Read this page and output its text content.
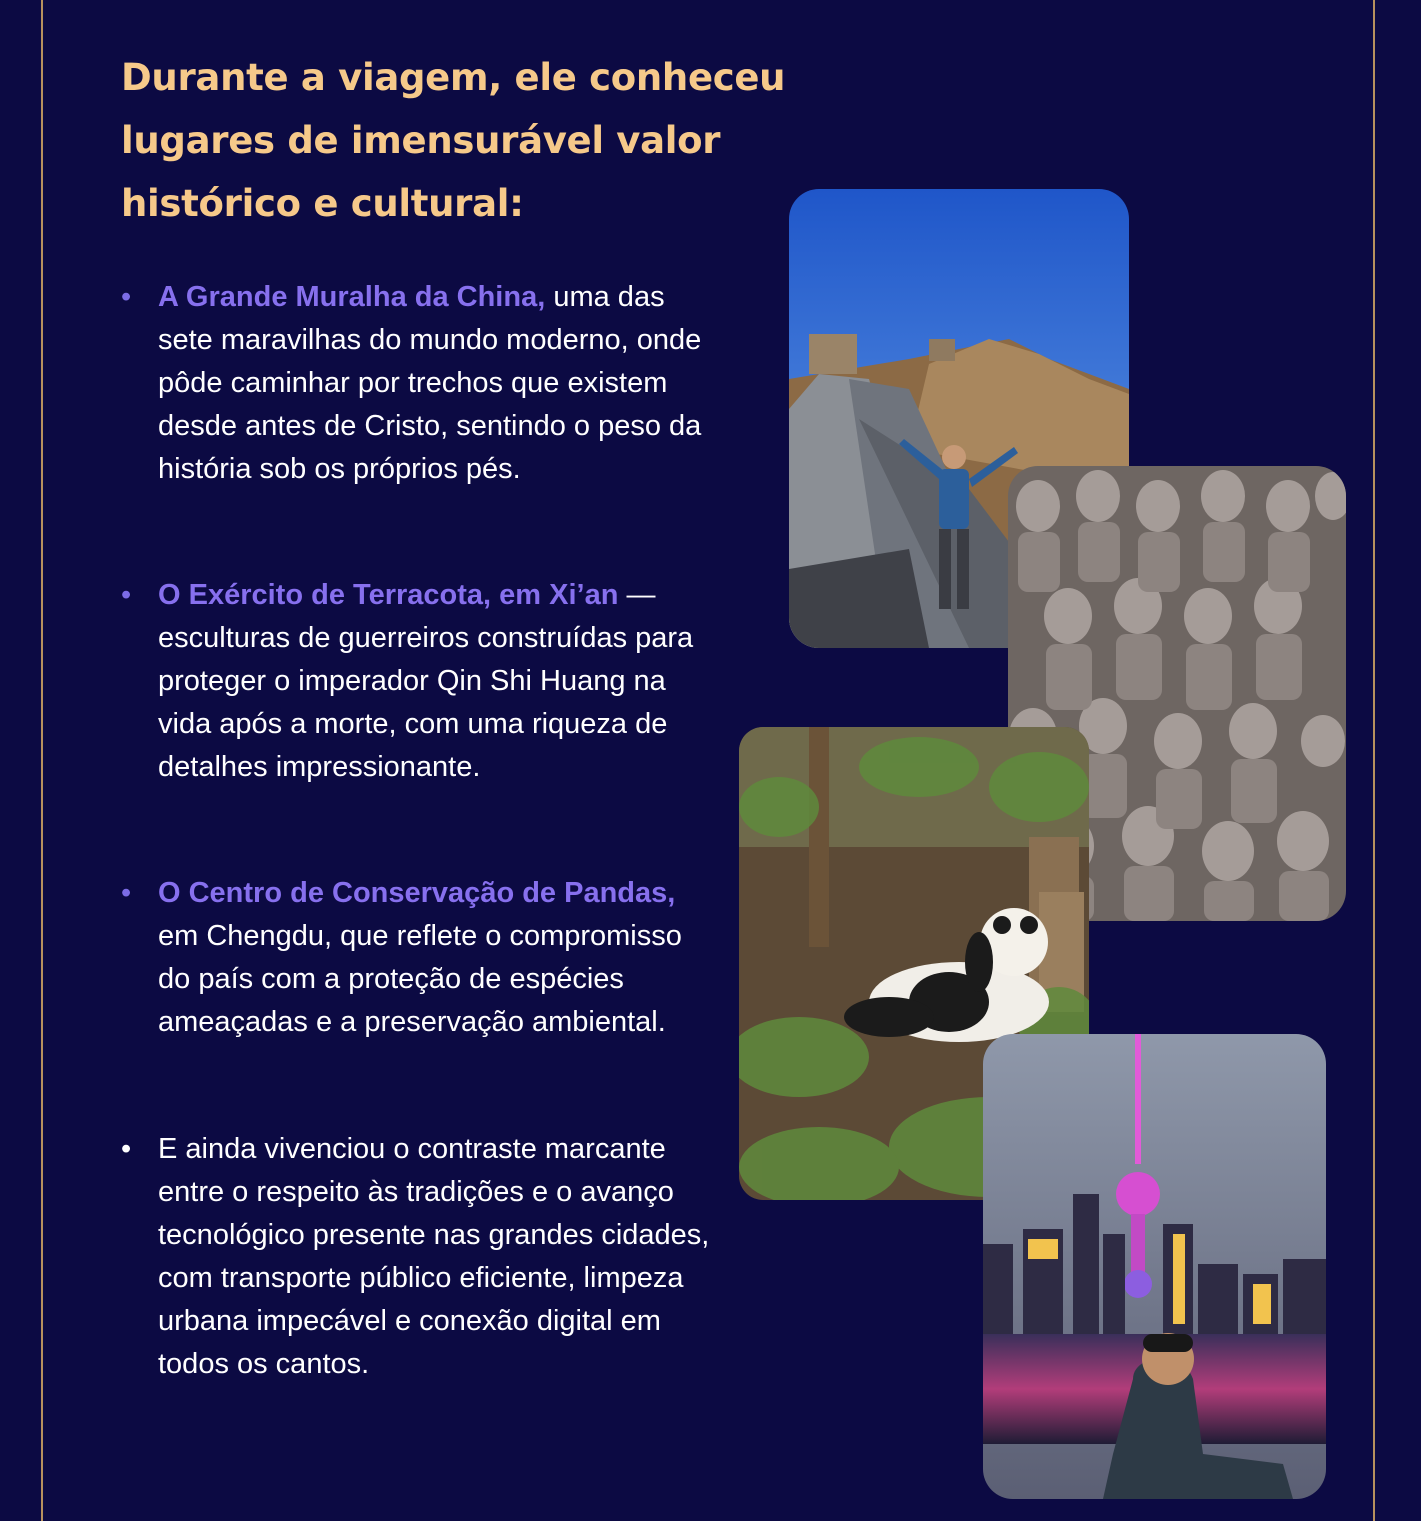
Durante a viagem, ele conheceu lugares de imensurável valor histórico e cultural:
• A Grande Muralha da China, uma das sete maravilhas do mundo moderno, onde pôde caminhar por trechos que existem desde antes de Cristo, sentindo o peso da história sob os próprios pés.
• O Exército de Terracota, em Xi’an — esculturas de guerreiros construídas para proteger o imperador Qin Shi Huang na vida após a morte, com uma riqueza de detalhes impressionante.
• O Centro de Conservação de Pandas, em Chengdu, que reflete o compromisso do país com a proteção de espécies ameaçadas e a preservação ambiental.
• E ainda vivenciou o contraste marcante entre o respeito às tradições e o avanço tecnológico presente nas grandes cidades, com transporte público eficiente, limpeza urbana impecável e conexão digital em todos os cantos.
